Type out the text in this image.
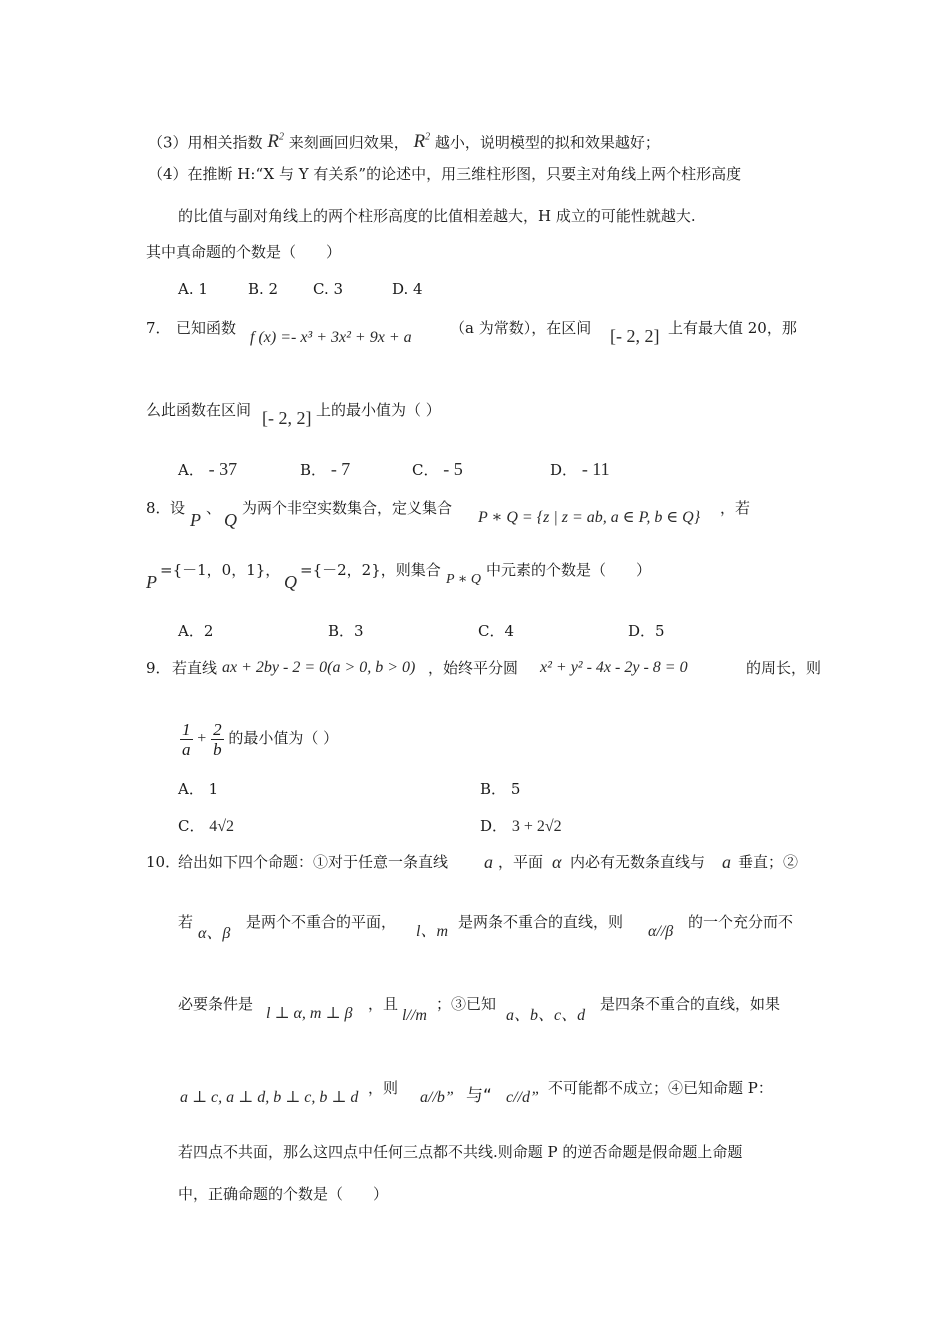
（3）用相关指数 $R^2$ 来刻画回归效果， $R^2$ 越小，说明模型的拟和效果越好；
（4）在推断 H:“X 与 Y 有关系”的论述中，用三维柱形图，只要主对角线上两个柱形高度
的比值与副对角线上的两个柱形高度的比值相差越大，H 成立的可能性就越大.
其中真命题的个数是（　　）
A. 1	B. 2 C. 3	D. 4
7． 已知函数
f (x) =- x³ + 3x² + 9x + a
（a 为常数），在区间 [- 2, 2] 上有最大值 20，那
么此函数在区间 [- 2, 2] 上的最小值为（ ）
A． - 37	B． - 7	C． - 5	D． - 11
8． 设
P
、
Q
为两个非空实数集合，定义集合
P ∗ Q = {z | z = ab, a ∈ P, b ∈ Q}
，若
P
={－1，0，1}，
Q
={－2，2}，则集合
P ∗ Q
中元素的个数是（　　）
A．2	B．3	C．4	D．5
9． 若直线 ax + 2by - 2 = 0(a > 0, b > 0) ，始终平分圆 x² + y² - 4x - 2y - 8 = 0	的周长，则
$\frac{1}{a} + \frac{2}{b}$ 的最小值为（ ）
A． 1	B． 5
C． 4√2	D． 3 + 2√2
10．
给出如下四个命题：①对于任意一条直线 a ，平面 α 内必有无数条直线与 a 垂直；②
若
α、β
是两个不重合的平面，
l、m
是两条不重合的直线，则
α//β
的一个充分而不
必要条件是
l ⊥ α, m ⊥ β
，且
l//m
；③已知
a、b、c、d
是四条不重合的直线，如果
a ⊥ c, a ⊥ d, b ⊥ c, b ⊥ d
，则
a//b” 与“ c//d”
不可能都不成立；④已知命题 P：
若四点不共面，那么这四点中任何三点都不共线.则命题 P 的逆否命题是假命题上命题
中，正确命题的个数是（　　）
